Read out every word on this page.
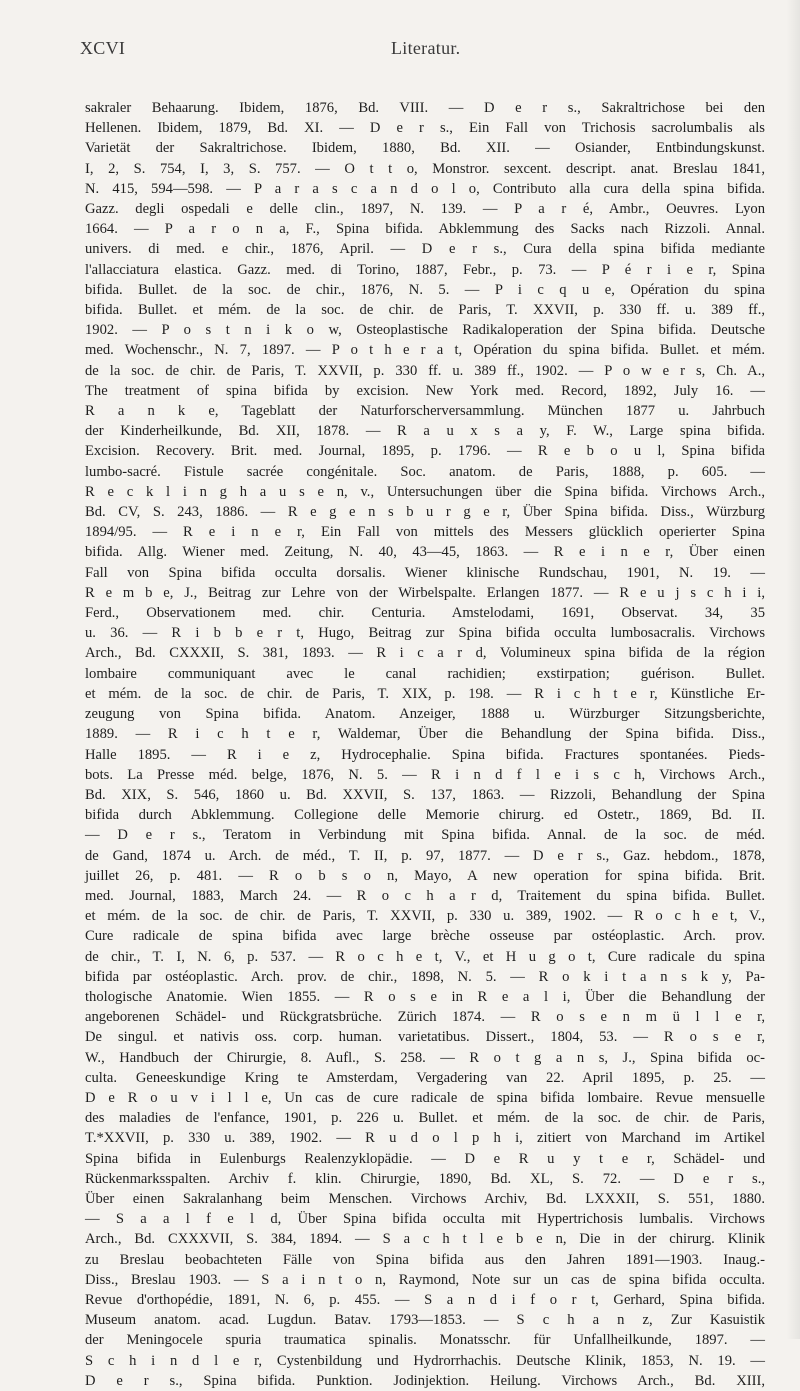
XCVI	Literatur.
sakraler Behaarung. Ibidem, 1876, Bd. VIII. — D e r s., Sakraltrichose bei den
Hellenen. Ibidem, 1879, Bd. XI. — D e r s., Ein Fall von Trichosis sacrolumbalis als
Varietät der Sakraltrichose. Ibidem, 1880, Bd. XII. — Osiander, Entbindungskunst.
I, 2, S. 754, I, 3, S. 757. — O t t o, Monstror. sexcent. descript. anat. Breslau 1841,
N. 415, 594—598. — P a r a s c a n d o l o, Contributo alla cura della spina bifida.
Gazz. degli ospedali e delle clin., 1897, N. 139. — P a r é, Ambr., Oeuvres. Lyon
1664. — P a r o n a, F., Spina bifida. Abklemmung des Sacks nach Rizzoli. Annal.
univers. di med. e chir., 1876, April. — D e r s., Cura della spina bifida mediante
l'allacciatura elastica. Gazz. med. di Torino, 1887, Febr., p. 73. — P é r i e r, Spina
bifida. Bullet. de la soc. de chir., 1876, N. 5. — P i c q u e, Opération du spina
bifida. Bullet. et mém. de la soc. de chir. de Paris, T. XXVII, p. 330 ff. u. 389 ff.,
1902. — P o s t n i k o w, Osteoplastische Radikaloperation der Spina bifida. Deutsche
med. Wochenschr., N. 7, 1897. — P o t h e r a t, Opération du spina bifida. Bullet. et mém.
de la soc. de chir. de Paris, T. XXVII, p. 330 ff. u. 389 ff., 1902. — P o w e r s, Ch. A.,
The treatment of spina bifida by excision. New York med. Record, 1892, July 16. —
R a n k e, Tageblatt der Naturforscherversammlung. München 1877 u. Jahrbuch
der Kinderheilkunde, Bd. XII, 1878. — R a u x s a y, F. W., Large spina bifida.
Excision. Recovery. Brit. med. Journal, 1895, p. 1796. — R e b o u l, Spina bifida
lumbo-sacré. Fistule sacrée congénitale. Soc. anatom. de Paris, 1888, p. 605. —
R e c k l i n g h a u s e n, v., Untersuchungen über die Spina bifida. Virchows Arch.,
Bd. CV, S. 243, 1886. — R e g e n s b u r g e r, Über Spina bifida. Diss., Würzburg
1894/95. — R e i n e r, Ein Fall von mittels des Messers glücklich operierter Spina
bifida. Allg. Wiener med. Zeitung, N. 40, 43—45, 1863. — R e i n e r, Über einen
Fall von Spina bifida occulta dorsalis. Wiener klinische Rundschau, 1901, N. 19. —
R e m b e, J., Beitrag zur Lehre von der Wirbelspalte. Erlangen 1877. — R e u j s c h i i,
Ferd., Observationem med. chir. Centuria. Amstelodami, 1691, Observat. 34, 35
u. 36. — R i b b e r t, Hugo, Beitrag zur Spina bifida occulta lumbosacralis. Virchows
Arch., Bd. CXXXII, S. 381, 1893. — R i c a r d, Volumineux spina bifida de la région
lombaire communiquant avec le canal rachidien; exstirpation; guérison. Bullet.
et mém. de la soc. de chir. de Paris, T. XIX, p. 198. — R i c h t e r, Künstliche Er-
zeugung von Spina bifida. Anatom. Anzeiger, 1888 u. Würzburger Sitzungsberichte,
1889. — R i c h t e r, Waldemar, Über die Behandlung der Spina bifida. Diss.,
Halle 1895. — R i e z, Hydrocephalie. Spina bifida. Fractures spontanées. Pieds-
bots. La Presse méd. belge, 1876, N. 5. — R i n d f l e i s c h, Virchows Arch.,
Bd. XIX, S. 546, 1860 u. Bd. XXVII, S. 137, 1863. — Rizzoli, Behandlung der Spina
bifida durch Abklemmung. Collegione delle Memorie chirurg. ed Ostetr., 1869, Bd. II.
— D e r s., Teratom in Verbindung mit Spina bifida. Annal. de la soc. de méd.
de Gand, 1874 u. Arch. de méd., T. II, p. 97, 1877. — D e r s., Gaz. hebdom., 1878,
juillet 26, p. 481. — R o b s o n, Mayo, A new operation for spina bifida. Brit.
med. Journal, 1883, March 24. — R o c h a r d, Traitement du spina bifida. Bullet.
et mém. de la soc. de chir. de Paris, T. XXVII, p. 330 u. 389, 1902. — R o c h e t, V.,
Cure radicale de spina bifida avec large brèche osseuse par ostéoplastic. Arch. prov.
de chir., T. I, N. 6, p. 537. — R o c h e t, V., et H u g o t, Cure radicale du spina
bifida par ostéoplastic. Arch. prov. de chir., 1898, N. 5. — R o k i t a n s k y, Pa-
thologische Anatomie. Wien 1855. — R o s e in R e a l i, Über die Behandlung der
angeborenen Schädel- und Rückgratsbrüche. Zürich 1874. — R o s e n m ü l l e r,
De singul. et nativis oss. corp. human. varietatibus. Dissert., 1804, 53. — R o s e r,
W., Handbuch der Chirurgie, 8. Aufl., S. 258. — R o t g a n s, J., Spina bifida oc-
culta. Geneeskundige Kring te Amsterdam, Vergadering van 22. April 1895, p. 25. —
D e R o u v i l l e, Un cas de cure radicale de spina bifida lombaire. Revue mensuelle
des maladies de l'enfance, 1901, p. 226 u. Bullet. et mém. de la soc. de chir. de Paris,
T.*XXVII, p. 330 u. 389, 1902. — R u d o l p h i, zitiert von Marchand im Artikel
Spina bifida in Eulenburgs Realenzyklopädie. — D e R u y t e r, Schädel- und
Rückenmarksspalten. Archiv f. klin. Chirurgie, 1890, Bd. XL, S. 72. — D e r s.,
Über einen Sakralanhang beim Menschen. Virchows Archiv, Bd. LXXXII, S. 551, 1880.
— S a a l f e l d, Über Spina bifida occulta mit Hypertrichosis lumbalis. Virchows
Arch., Bd. CXXXVII, S. 384, 1894. — S a c h t l e b e n, Die in der chirurg. Klinik
zu Breslau beobachteten Fälle von Spina bifida aus den Jahren 1891—1903. Inaug.-
Diss., Breslau 1903. — S a i n t o n, Raymond, Note sur un cas de spina bifida occulta.
Revue d'orthopédie, 1891, N. 6, p. 455. — S a n d i f o r t, Gerhard, Spina bifida.
Museum anatom. acad. Lugdun. Batav. 1793—1853. — S c h a n z, Zur Kasuistik
der Meningocele spuria traumatica spinalis. Monatsschr. für Unfallheilkunde, 1897. —
S c h i n d l e r, Cystenbildung und Hydrorrhachis. Deutsche Klinik, 1853, N. 19. —
D e r s., Spina bifida. Punktion. Jodinjektion. Heilung. Virchows Arch., Bd. XIII,
